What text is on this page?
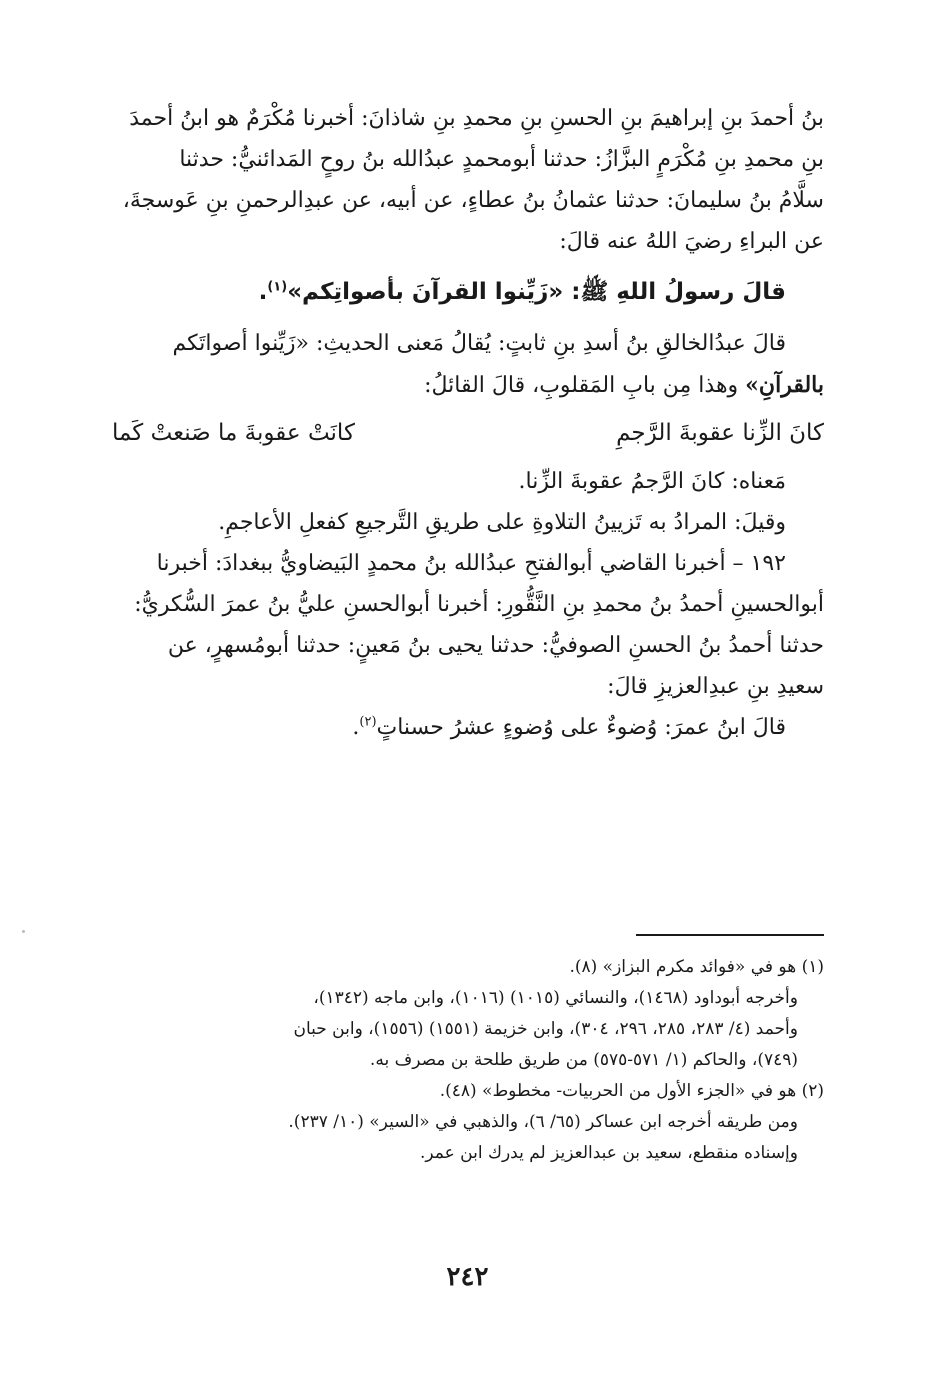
بنُ أحمدَ بنِ إبراهيمَ بنِ الحسنِ بنِ محمدِ بنِ شاذانَ: أخبرنا مُكْرَمٌ هو ابنُ أحمدَ

بنِ محمدِ بنِ مُكْرَمٍ البزَّازُ: حدثنا أبومحمدٍ عبدُالله بنُ روحٍ المَدائنيُّ: حدثنا

سلَّامُ بنُ سليمانَ: حدثنا عثمانُ بنُ عطاءٍ، عن أبيه، عن عبدِالرحمنِ بنِ عَوسجةَ،

عن البراءِ رضيَ اللهُ عنه قالَ:

قالَ رسولُ اللهِ ﷺ: «زَيِّنوا القرآنَ بأصواتِكم»$^{(١)}$.

قالَ عبدُالخالقِ بنُ أسدِ بنِ ثابتٍ: يُقالُ مَعنى الحديثِ: «زَيِّنوا أصواتَكم

بالقرآنِ» وهذا مِن بابِ المَقلوبِ، قالَ القائلُ:

كانَ الزِّنا عقوبةَ الرَّجمِ
كانَتْ عقوبةَ ما صَنعتْ كَما

مَعناه: كانَ الرَّجمُ عقوبةَ الزِّنا.

وقيلَ: المرادُ به تَزيينُ التلاوةِ على طريقِ التَّرجيعِ كفعلِ الأعاجمِ.

١٩٢ – أخبرنا القاضي أبوالفتحِ عبدُالله بنُ محمدٍ البَيضاويُّ ببغدادَ: أخبرنا

أبوالحسينِ أحمدُ بنُ محمدِ بنِ النَّقُّورِ: أخبرنا أبوالحسنِ عليُّ بنُ عمرَ السُّكريُّ:

حدثنا أحمدُ بنُ الحسنِ الصوفيُّ: حدثنا يحيى بنُ مَعينٍ: حدثنا أبومُسهرٍ، عن

سعيدِ بنِ عبدِالعزيزِ قالَ:

قالَ ابنُ عمرَ: وُضوءٌ على وُضوءٍ عشرُ حسناتٍ$^{(٢)}$.

(١) هو في «فوائد مكرم البزاز» (٨).

وأخرجه أبوداود (١٤٦٨)، والنسائي (١٠١٥) (١٠١٦)، وابن ماجه (١٣٤٢)،

وأحمد (٤/ ٢٨٣، ٢٨٥، ٢٩٦، ٣٠٤)، وابن خزيمة (١٥٥١) (١٥٥٦)، وابن حبان

(٧٤٩)، والحاكم (١/ ٥٧١-٥٧٥) من طريق طلحة بن مصرف به.

(٢) هو في «الجزء الأول من الحربيات- مخطوط» (٤٨).

ومن طريقه أخرجه ابن عساكر (٦٥/ ٦)، والذهبي في «السير» (١٠/ ٢٣٧).

وإسناده منقطع، سعيد بن عبدالعزيز لم يدرك ابن عمر.

٢٤٢
